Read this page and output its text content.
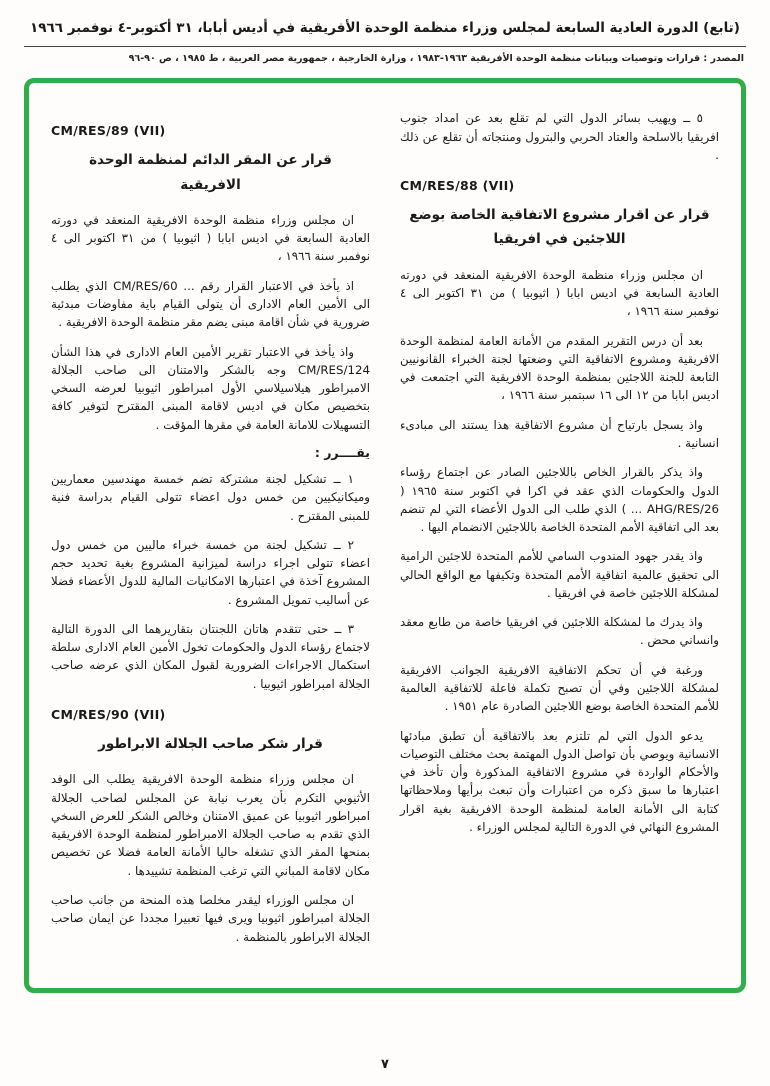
(تابع) الدورة العادية السابعة لمجلس وزراء منظمة الوحدة الأفريقية في أديس أبابا، ٣١ أكتوبر-٤ نوفمبر ١٩٦٦
المصدر : قرارات وتوصيات وبيانات منظمة الوحدة الأفريقية ١٩٦٣-١٩٨٣ ، وزارة الخارجية ، جمهورية مصر العربية ، ط ١٩٨٥ ، ص ٩٠-٩٦
٥ ــ ويهيب بسائر الدول التي لم تقلع بعد عن امداد جنوب افريقيا بالاسلحة والعتاد الحربي والبترول ومنتجاته أن تقلع عن ذلك .
CM/RES/88 (VII)
قرار عن اقرار مشروع الاتفاقية الخاصة بوضع اللاجئين في افريقيا
ان مجلس وزراء منظمة الوحدة الافريقية المنعقد في دورته العادية السابعة في اديس ابابا ( اثيوبيا ) من ٣١ اكتوبر الى ٤ نوفمبر سنة ١٩٦٦ ،
بعد أن درس التقرير المقدم من الأمانة العامة لمنظمة الوحدة الافريقية ومشروع الاتفاقية التي وضعتها لجنة الخبراء القانونيين التابعة للجنة اللاجئين بمنظمة الوحدة الافريقية التي اجتمعت في اديس ابابا من ١٢ الى ١٦ سبتمبر سنة ١٩٦٦ ،
واذ يسجل بارتياح أن مشروع الاتفاقية هذا يستند الى مبادىء انسانية .
واذ يذكر بالقرار الخاص باللاجئين الصادر عن اجتماع رؤساء الدول والحكومات الذي عقد في اكرا في اكتوبر سنة ١٩٦٥ ( AHG/RES/26 ... ) الذي طلب الى الدول الأعضاء التي لم تنضم بعد الى اتفاقية الأمم المتحدة الخاصة باللاجئين الانضمام اليها .
واذ يقدر جهود المندوب السامي للأمم المتحدة للاجئين الرامية الى تحقيق عالمية اتفاقية الأمم المتحدة وتكيفها مع الواقع الحالي لمشكلة اللاجئين خاصة في افريقيا .
واذ يدرك ما لمشكلة اللاجئين في افريقيا خاصة من طابع معقد وانساني محض .
ورغبة في أن تحكم الاتفاقية الافريقية الجوانب الافريقية لمشكلة اللاجئين وفي أن تصبح تكملة فاعلة للاتفاقية العالمية للأمم المتحدة الخاصة بوضع اللاجئين الصادرة عام ١٩٥١ .
يدعو الدول التي لم تلتزم بعد بالاتفاقية أن تطبق مبادئها الانسانية ويوصي بأن تواصل الدول المهتمة بحث مختلف التوصيات والأحكام الواردة في مشروع الاتفاقية المذكورة وأن تأخذ في اعتبارها ما سبق ذكره من اعتبارات وأن تبعث برأيها وملاحظاتها كتابة الى الأمانة العامة لمنظمة الوحدة الافريقية بغية اقرار المشروع النهائي في الدورة التالية لمجلس الوزراء .
CM/RES/89 (VII)
قرار عن المقر الدائم لمنظمة الوحدة الافريقية
ان مجلس وزراء منظمة الوحدة الافريقية المنعقد في دورته العادية السابعة في اديس ابابا ( اثيوبيا ) من ٣١ اكتوبر الى ٤ نوفمبر سنة ١٩٦٦ ،
اذ يأخذ في الاعتبار القرار رقم ... CM/RES/60 الذي يطلب الى الأمين العام الادارى أن يتولى القيام باية مفاوضات مبدئية ضرورية في شأن اقامة مبنى يضم مقر منظمة الوحدة الافريقية .
واذ يأخذ في الاعتبار تقرير الأمين العام الادارى في هذا الشأن CM/RES/124 وجه بالشكر والامتنان الى صاحب الجلالة الامبراطور هيلاسيلاسي الأول امبراطور اثيوبيا لعرضه السخي بتخصيص مكان في اديس لاقامة المبنى المقترح لتوفير كافة التسهيلات للامانة العامة في مقرها المؤقت .
يقــــرر :
١ ــ تشكيل لجنة مشتركة تضم خمسة مهندسين معماريين وميكانيكيين من خمس دول اعضاء تتولى القيام بدراسة فنية للمبنى المقترح .
٢ ــ تشكيل لجنة من خمسة خبراء ماليين من خمس دول اعضاء تتولى اجراء دراسة لميزانية المشروع بغية تحديد حجم المشروع آخذة في اعتبارها الامكانيات المالية للدول الأعضاء فضلا عن أساليب تمويل المشروع .
٣ ــ حتى تتقدم هاتان اللجنتان بتقاريرهما الى الدورة التالية لاجتماع رؤساء الدول والحكومات تخول الأمين العام الادارى سلطة استكمال الاجراءات الضرورية لقبول المكان الذي عرضه صاحب الجلالة امبراطور اثيوبيا .
CM/RES/90 (VII)
قرار شكر صاحب الجلالة الابراطور
ان مجلس وزراء منظمة الوحدة الافريقية يطلب الى الوفد الأثيوبي التكرم بأن يعرب نيابة عن المجلس لصاحب الجلالة امبراطور اثيوبيا عن عميق الامتنان وخالص الشكر للعرض السخي الذي تقدم به صاحب الجلالة الامبراطور لمنظمة الوحدة الافريقية بمنحها المقر الذي تشغله حاليا الأمانة العامة فضلا عن تخصيص مكان لاقامة المباني التي ترغب المنظمة تشييدها .
ان مجلس الوزراء ليقدر مخلصا هذه المنحة من جانب صاحب الجلالة امبراطور اثيوبيا ويرى فيها تعبيرا مجددا عن ايمان صاحب الجلالة الابراطور بالمنظمة .
٧
